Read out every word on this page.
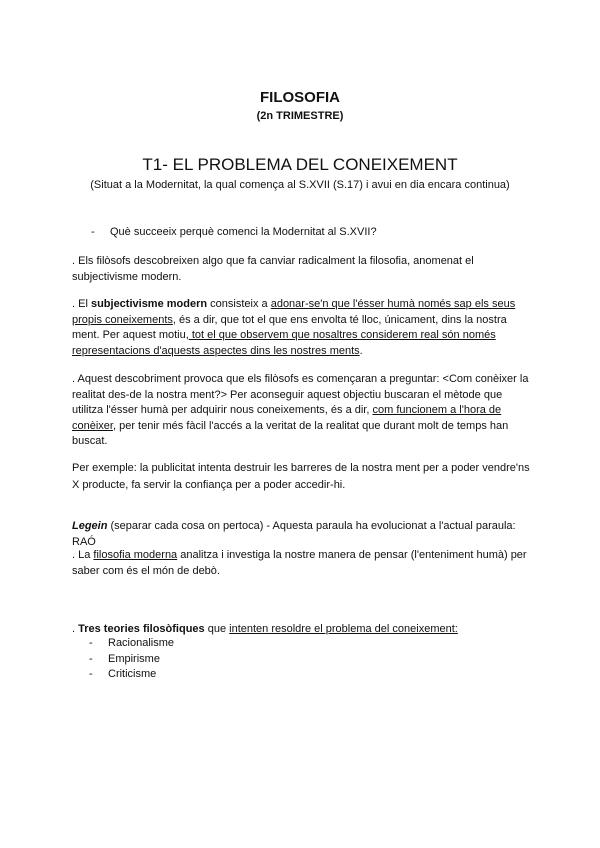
FILOSOFIA
(2n TRIMESTRE)
T1- EL PROBLEMA DEL CONEIXEMENT
(Situat a la Modernitat, la qual comença al S.XVII (S.17) i avui en dia encara continua)
- Què succeeix perquè comenci la Modernitat al S.XVII?
. Els filòsofs descobreixen algo que fa canviar radicalment la filosofia, anomenat el subjectivisme modern.
. El subjectivisme modern consisteix a adonar-se'n que l'ésser humà només sap els seus propis coneixements, és a dir, que tot el que ens envolta té lloc, únicament, dins la nostra ment. Per aquest motiu, tot el que observem que nosaltres considerem real són només representacions d'aquests aspectes dins les nostres ments.
. Aquest descobriment provoca que els filòsofs es començaran a preguntar: <Com conèixer la realitat des-de la nostra ment?> Per aconseguir aquest objectiu buscaran el mètode que utilitza l'ésser humà per adquirir nous coneixements, és a dir, com funcionem a l'hora de conèixer, per tenir més fàcil l'accés a la veritat de la realitat que durant molt de temps han buscat.
Per exemple: la publicitat intenta destruir les barreres de la nostra ment per a poder vendre'ns X producte, fa servir la confiança per a poder accedir-hi.
Legein (separar cada cosa on pertoca) - Aquesta paraula ha evolucionat a l'actual paraula: RAÓ
. La filosofia moderna analitza i investiga la nostre manera de pensar (l'enteniment humà) per saber com és el món de debò.
. Tres teories filosòfiques que intenten resoldre el problema del coneixement:
- Racionalisme
- Empirisme
- Criticisme
